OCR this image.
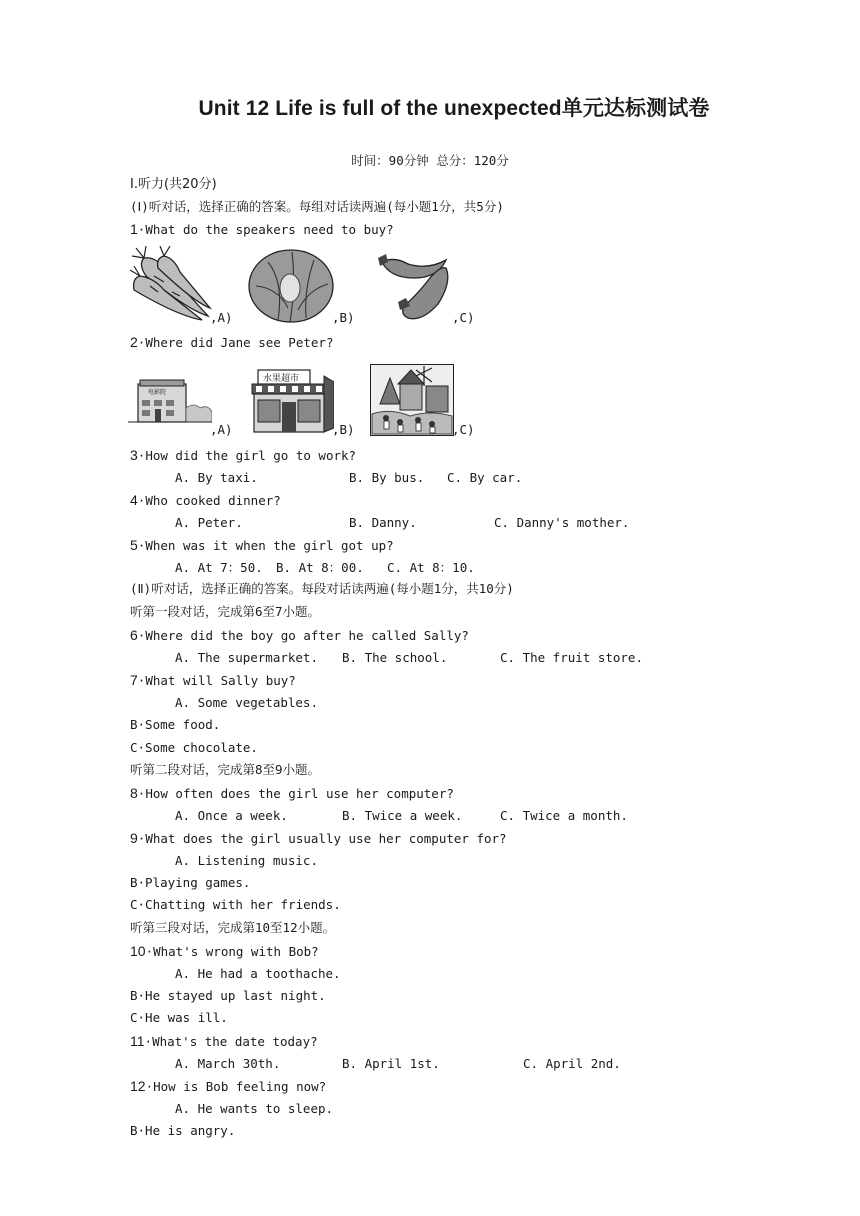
Unit 12 Life is full of the unexpected单元达标测试卷
时间：90分钟 总分：120分
Ⅰ.听力(共20分)
(Ⅰ)听对话，选择正确的答案。每组对话读两遍(每小题1分，共5分)
1·What do the speakers need to buy?
,A)	,B)	,C)
2·Where did Jane see Peter?
电影院
,A)
水果超市
,B)	,C)
3·How did the girl go to work?
A. By taxi.	B. By bus. C. By car.
4·Who cooked dinner?
A. Peter.	B. Danny.	C. Danny's mother.
5·When was it when the girl got up?
A. At 7：50. B. At 8：00. C. At 8：10.
(Ⅱ)听对话，选择正确的答案。每段对话读两遍(每小题1分，共10分)
听第一段对话，完成第6至7小题。
6·Where did the boy go after he called Sally?
A. The supermarket. B. The school.	C. The fruit store.
7·What will Sally buy?
A. Some vegetables.
B·Some food.
C·Some chocolate.
听第二段对话，完成第8至9小题。
8·How often does the girl use her computer?
A. Once a week.	B. Twice a week.	C. Twice a month.
9·What does the girl usually use her computer for?
A. Listening music.
B·Playing games.
C·Chatting with her friends.
听第三段对话，完成第10至12小题。
10·What's wrong with Bob?
A. He had a toothache.
B·He stayed up last night.
C·He was ill.
11·What's the date today?
A. March 30th.	B. April 1st.	C. April 2nd.
12·How is Bob feeling now?
A. He wants to sleep.
B·He is angry.
